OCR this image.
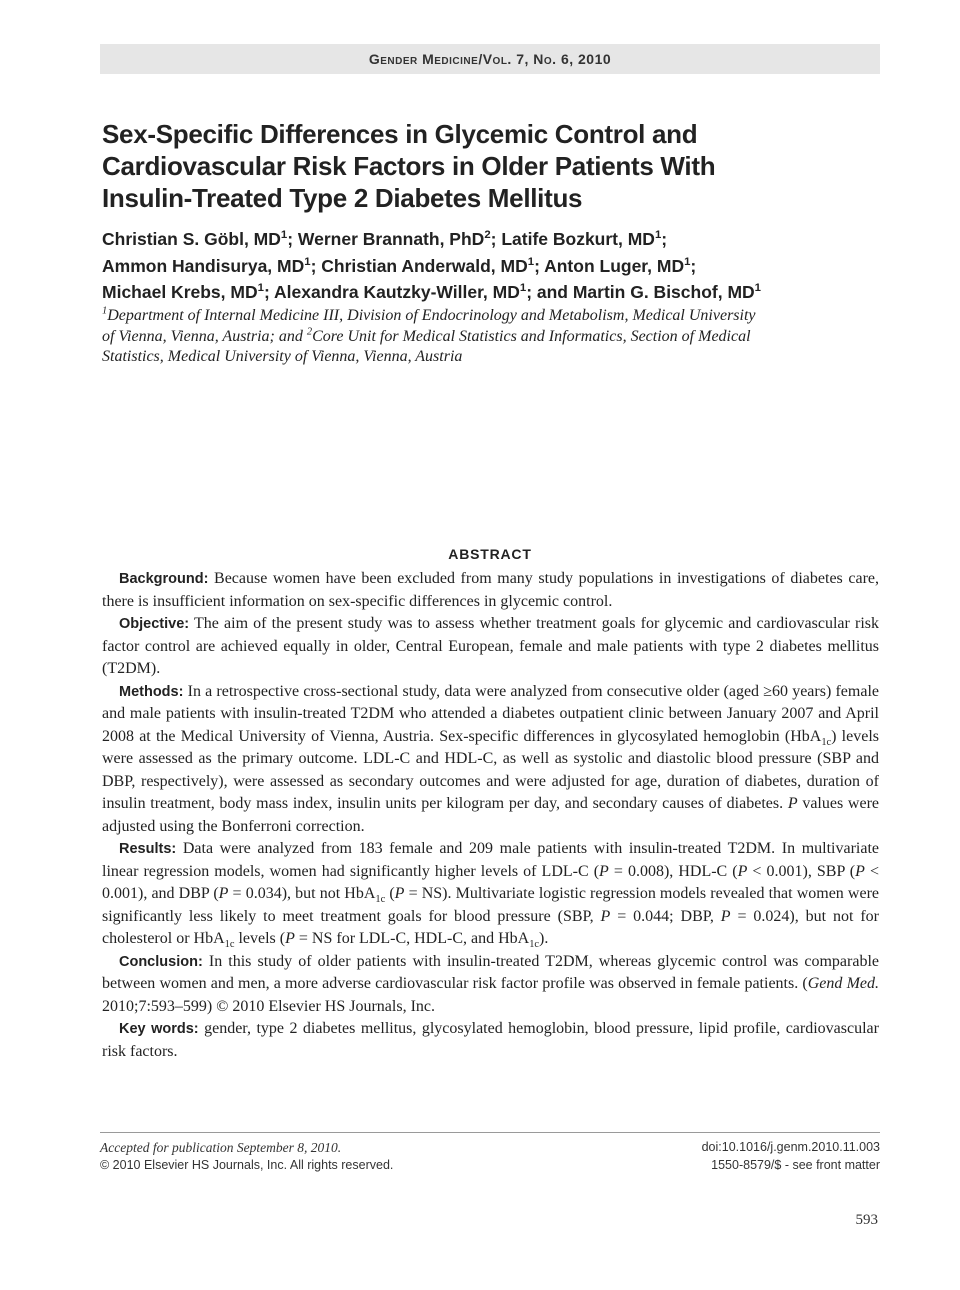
Gender Medicine/Vol. 7, No. 6, 2010
Sex-Specific Differences in Glycemic Control and
Cardiovascular Risk Factors in Older Patients With
Insulin-Treated Type 2 Diabetes Mellitus
Christian S. Göbl, $MD^1$; Werner Brannath, PhD$^2$; Latife Bozkurt, $MD^1$;
Ammon Handisurya, $MD^1$; Christian Anderwald, $MD^1$; Anton Luger, $MD^1$;
Michael Krebs, $MD^1$; Alexandra Kautzky-Willer, $MD^1$; and Martin G. Bischof, $MD^1$
$^1$Department of Internal Medicine III, Division of Endocrinology and Metabolism, Medical University
of Vienna, Vienna, Austria; and $^2$Core Unit for Medical Statistics and Informatics, Section of Medical
Statistics, Medical University of Vienna, Vienna, Austria
ABSTRACT

Background: Because women have been excluded from many study populations in investigations of diabetes care, there is insufficient information on sex-specific differences in glycemic control.

Objective: The aim of the present study was to assess whether treatment goals for glycemic and cardiovascular risk factor control are achieved equally in older, Central European, female and male patients with type 2 diabetes mellitus (T2DM).

Methods: In a retrospective cross-sectional study, data were analyzed from consecutive older (aged ≥60 years) female and male patients with insulin-treated T2DM who attended a diabetes outpatient clinic between January 2007 and April 2008 at the Medical University of Vienna, Austria. Sex-specific differences in glycosylated hemoglobin (HbA$_{1c}$) levels were assessed as the primary outcome. LDL-C and HDL-C, as well as systolic and diastolic blood pressure (SBP and DBP, respectively), were assessed as secondary outcomes and were adjusted for age, duration of diabetes, duration of insulin treatment, body mass index, insulin units per kilogram per day, and secondary causes of diabetes. P values were adjusted using the Bonferroni correction.

Results: Data were analyzed from 183 female and 209 male patients with insulin-treated T2DM. In multivariate linear regression models, women had significantly higher levels of LDL-C (P = 0.008), HDL-C (P < 0.001), SBP (P < 0.001), and DBP (P = 0.034), but not HbA$_{1c}$ (P = NS). Multivariate logistic regression models revealed that women were significantly less likely to meet treatment goals for blood pressure (SBP, P = 0.044; DBP, P = 0.024), but not for cholesterol or HbA$_{1c}$ levels (P = NS for LDL-C, HDL-C, and HbA$_{1c}$).

Conclusion: In this study of older patients with insulin-treated T2DM, whereas glycemic control was comparable between women and men, a more adverse cardiovascular risk factor profile was observed in female patients. (Gend Med. 2010;7:593–599) © 2010 Elsevier HS Journals, Inc.

Key words: gender, type 2 diabetes mellitus, glycosylated hemoglobin, blood pressure, lipid profile, cardiovascular risk factors.

Accepted for publication September 8, 2010.
© 2010 Elsevier HS Journals, Inc. All rights reserved.
doi:10.1016/j.genm.2010.11.003
1550-8579/$ - see front matter
593
